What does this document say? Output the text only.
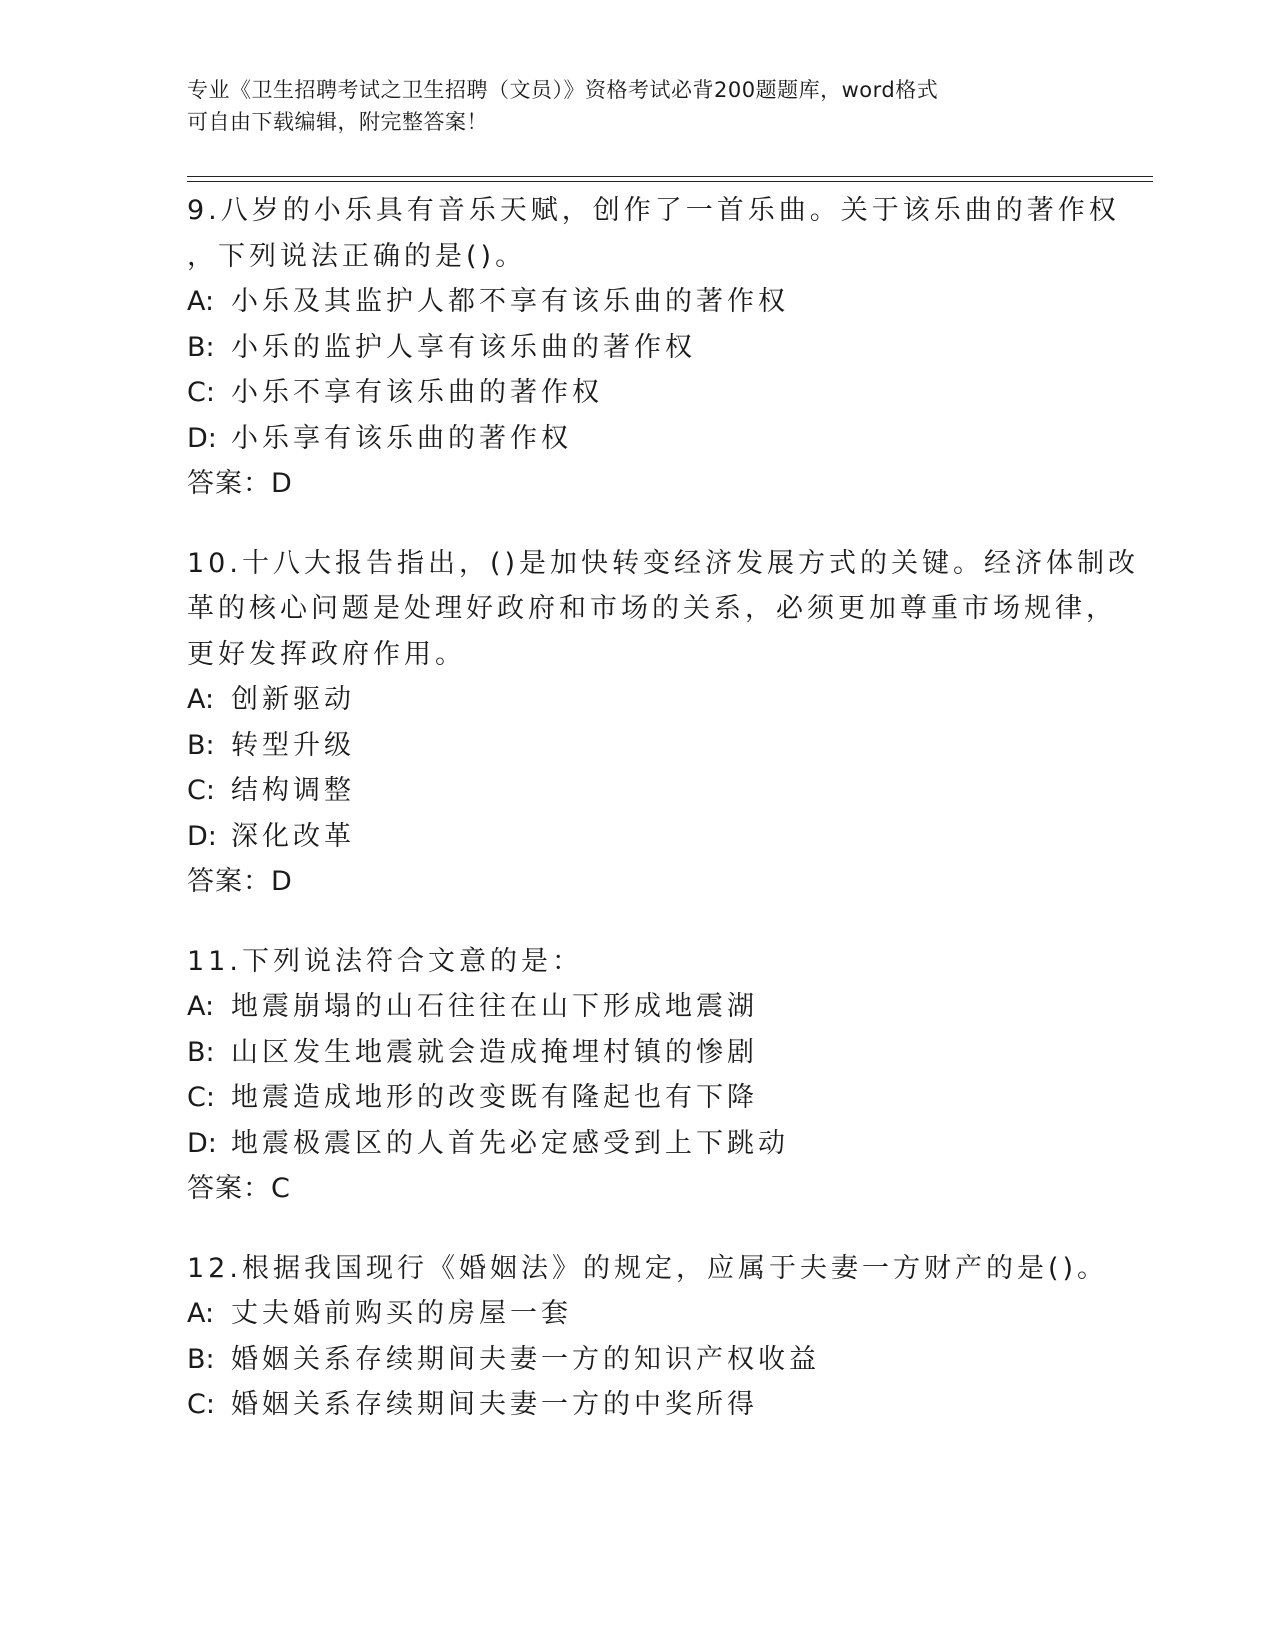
专业《卫生招聘考试之卫生招聘（文员）》资格考试必背200题题库，word格式
可自由下载编辑，附完整答案！
9.八岁的小乐具有音乐天赋，创作了一首乐曲。关于该乐曲的著作权
，下列说法正确的是()。
A: 小乐及其监护人都不享有该乐曲的著作权
B: 小乐的监护人享有该乐曲的著作权
C: 小乐不享有该乐曲的著作权
D: 小乐享有该乐曲的著作权
答案：D
10.十八大报告指出，()是加快转变经济发展方式的关键。经济体制改
革的核心问题是处理好政府和市场的关系，必须更加尊重市场规律，
更好发挥政府作用。
A: 创新驱动
B: 转型升级
C: 结构调整
D: 深化改革
答案：D
11.下列说法符合文意的是：
A: 地震崩塌的山石往往在山下形成地震湖
B: 山区发生地震就会造成掩埋村镇的惨剧
C: 地震造成地形的改变既有隆起也有下降
D: 地震极震区的人首先必定感受到上下跳动
答案：C
12.根据我国现行《婚姻法》的规定，应属于夫妻一方财产的是()。
A: 丈夫婚前购买的房屋一套
B: 婚姻关系存续期间夫妻一方的知识产权收益
C: 婚姻关系存续期间夫妻一方的中奖所得
